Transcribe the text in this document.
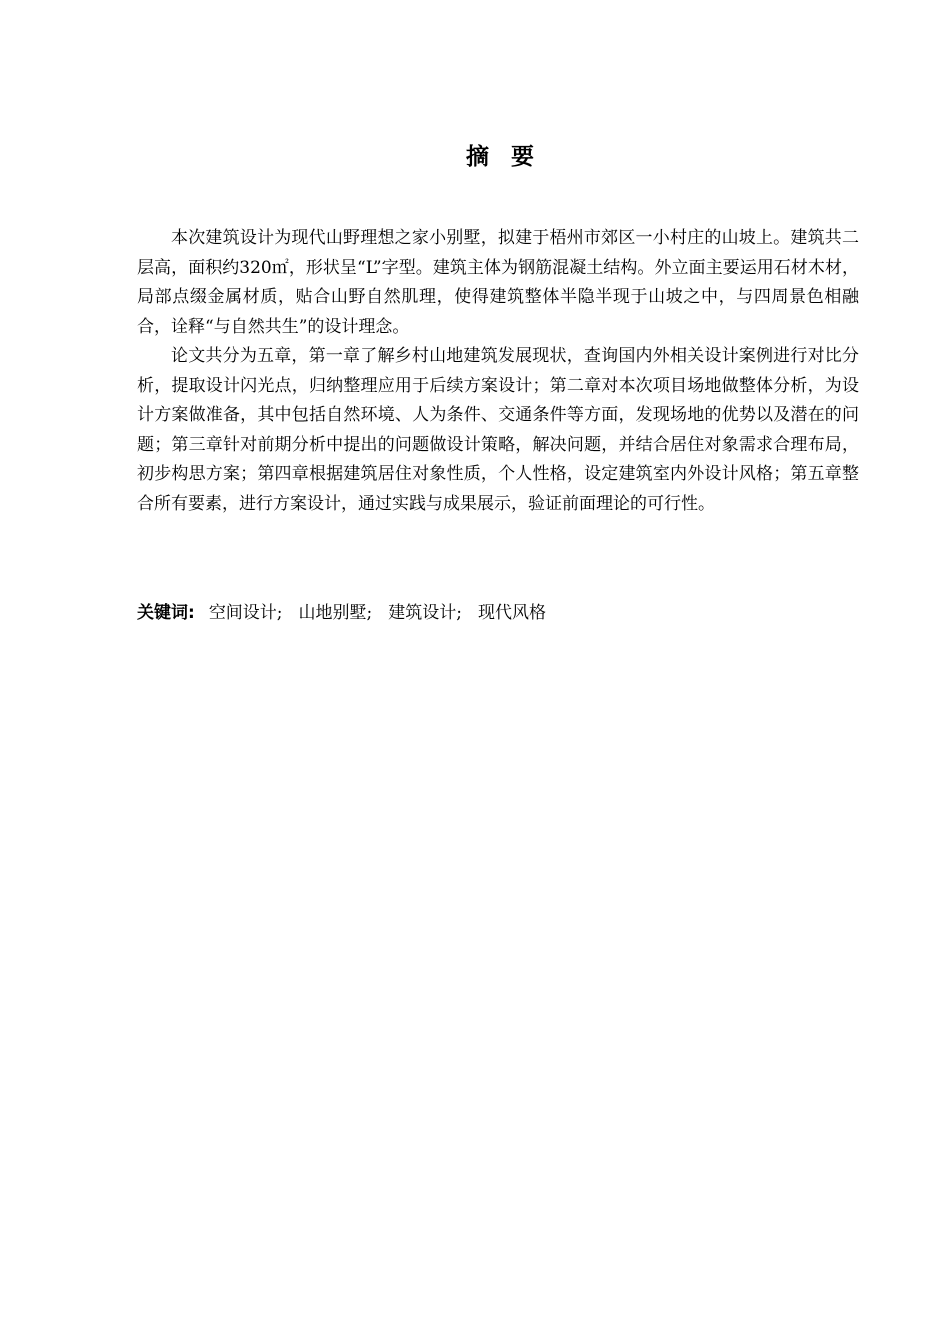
摘 要

本次建筑设计为现代山野理想之家小别墅，拟建于梧州市郊区一小村庄的山坡上。建筑共二层高，面积约320㎡，形状呈“L”字型。建筑主体为钢筋混凝土结构。外立面主要运用石材木材，局部点缀金属材质，贴合山野自然肌理，使得建筑整体半隐半现于山坡之中，与四周景色相融合，诠释“与自然共生”的设计理念。

论文共分为五章，第一章了解乡村山地建筑发展现状，查询国内外相关设计案例进行对比分析，提取设计闪光点，归纳整理应用于后续方案设计；第二章对本次项目场地做整体分析，为设计方案做准备，其中包括自然环境、人为条件、交通条件等方面，发现场地的优势以及潜在的问题；第三章针对前期分析中提出的问题做设计策略，解决问题，并结合居住对象需求合理布局，初步构思方案；第四章根据建筑居住对象性质，个人性格，设定建筑室内外设计风格；第五章整合所有要素，进行方案设计，通过实践与成果展示，验证前面理论的可行性。

关键词: 空间设计; 山地别墅; 建筑设计; 现代风格
